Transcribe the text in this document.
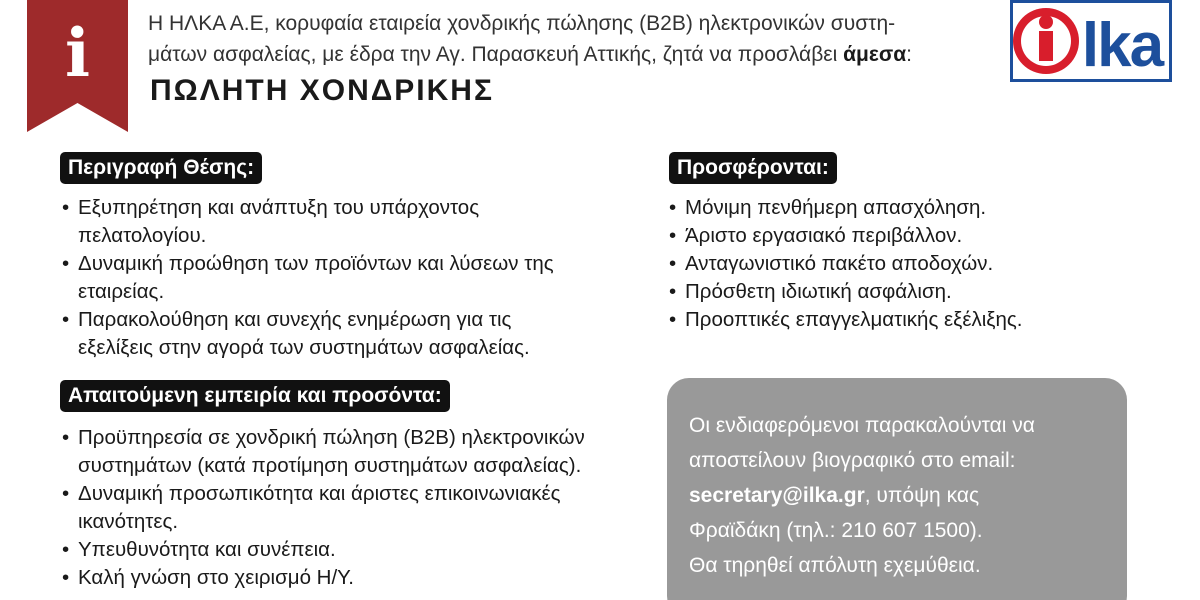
i	Η ΗΛΚΑ Α.Ε, κορυφαία εταιρεία χονδρικής πώλησης (B2B) ηλεκτρονικών συστη-
μάτων ασφαλείας, με έδρα την Αγ. Παρασκευή Αττικής, ζητά να προσλάβει άμεσα:
ΠΩΛΗΤΗ ΧΟΝΔΡΙΚΗΣ
lka
Περιγραφή Θέσης:
• Εξυπηρέτηση και ανάπτυξη του υπάρχοντος
πελατολογίου.
• Δυναμική προώθηση των προϊόντων και λύσεων της
εταιρείας.
• Παρακολούθηση και συνεχής ενημέρωση για τις
εξελίξεις στην αγορά των συστημάτων ασφαλείας.
Απαιτούμενη εμπειρία και προσόντα:
• Προϋπηρεσία σε χονδρική πώληση (B2B) ηλεκτρονικών
συστημάτων (κατά προτίμηση συστημάτων ασφαλείας).
• Δυναμική προσωπικότητα και άριστες επικοινωνιακές
ικανότητες.
• Υπευθυνότητα και συνέπεια.
• Καλή γνώση στο χειρισμό Η/Υ.
Προσφέρονται:
• Μόνιμη πενθήμερη απασχόληση.
• Άριστο εργασιακό περιβάλλον.
• Ανταγωνιστικό πακέτο αποδοχών.
• Πρόσθετη ιδιωτική ασφάλιση.
• Προοπτικές επαγγελματικής εξέλιξης.
Οι ενδιαφερόμενοι παρακαλούνται να
αποστείλουν βιογραφικό στο email:
secretary@ilka.gr, υπόψη κας
Φραϊδάκη (τηλ.: 210 607 1500).
Θα τηρηθεί απόλυτη εχεμύθεια.
